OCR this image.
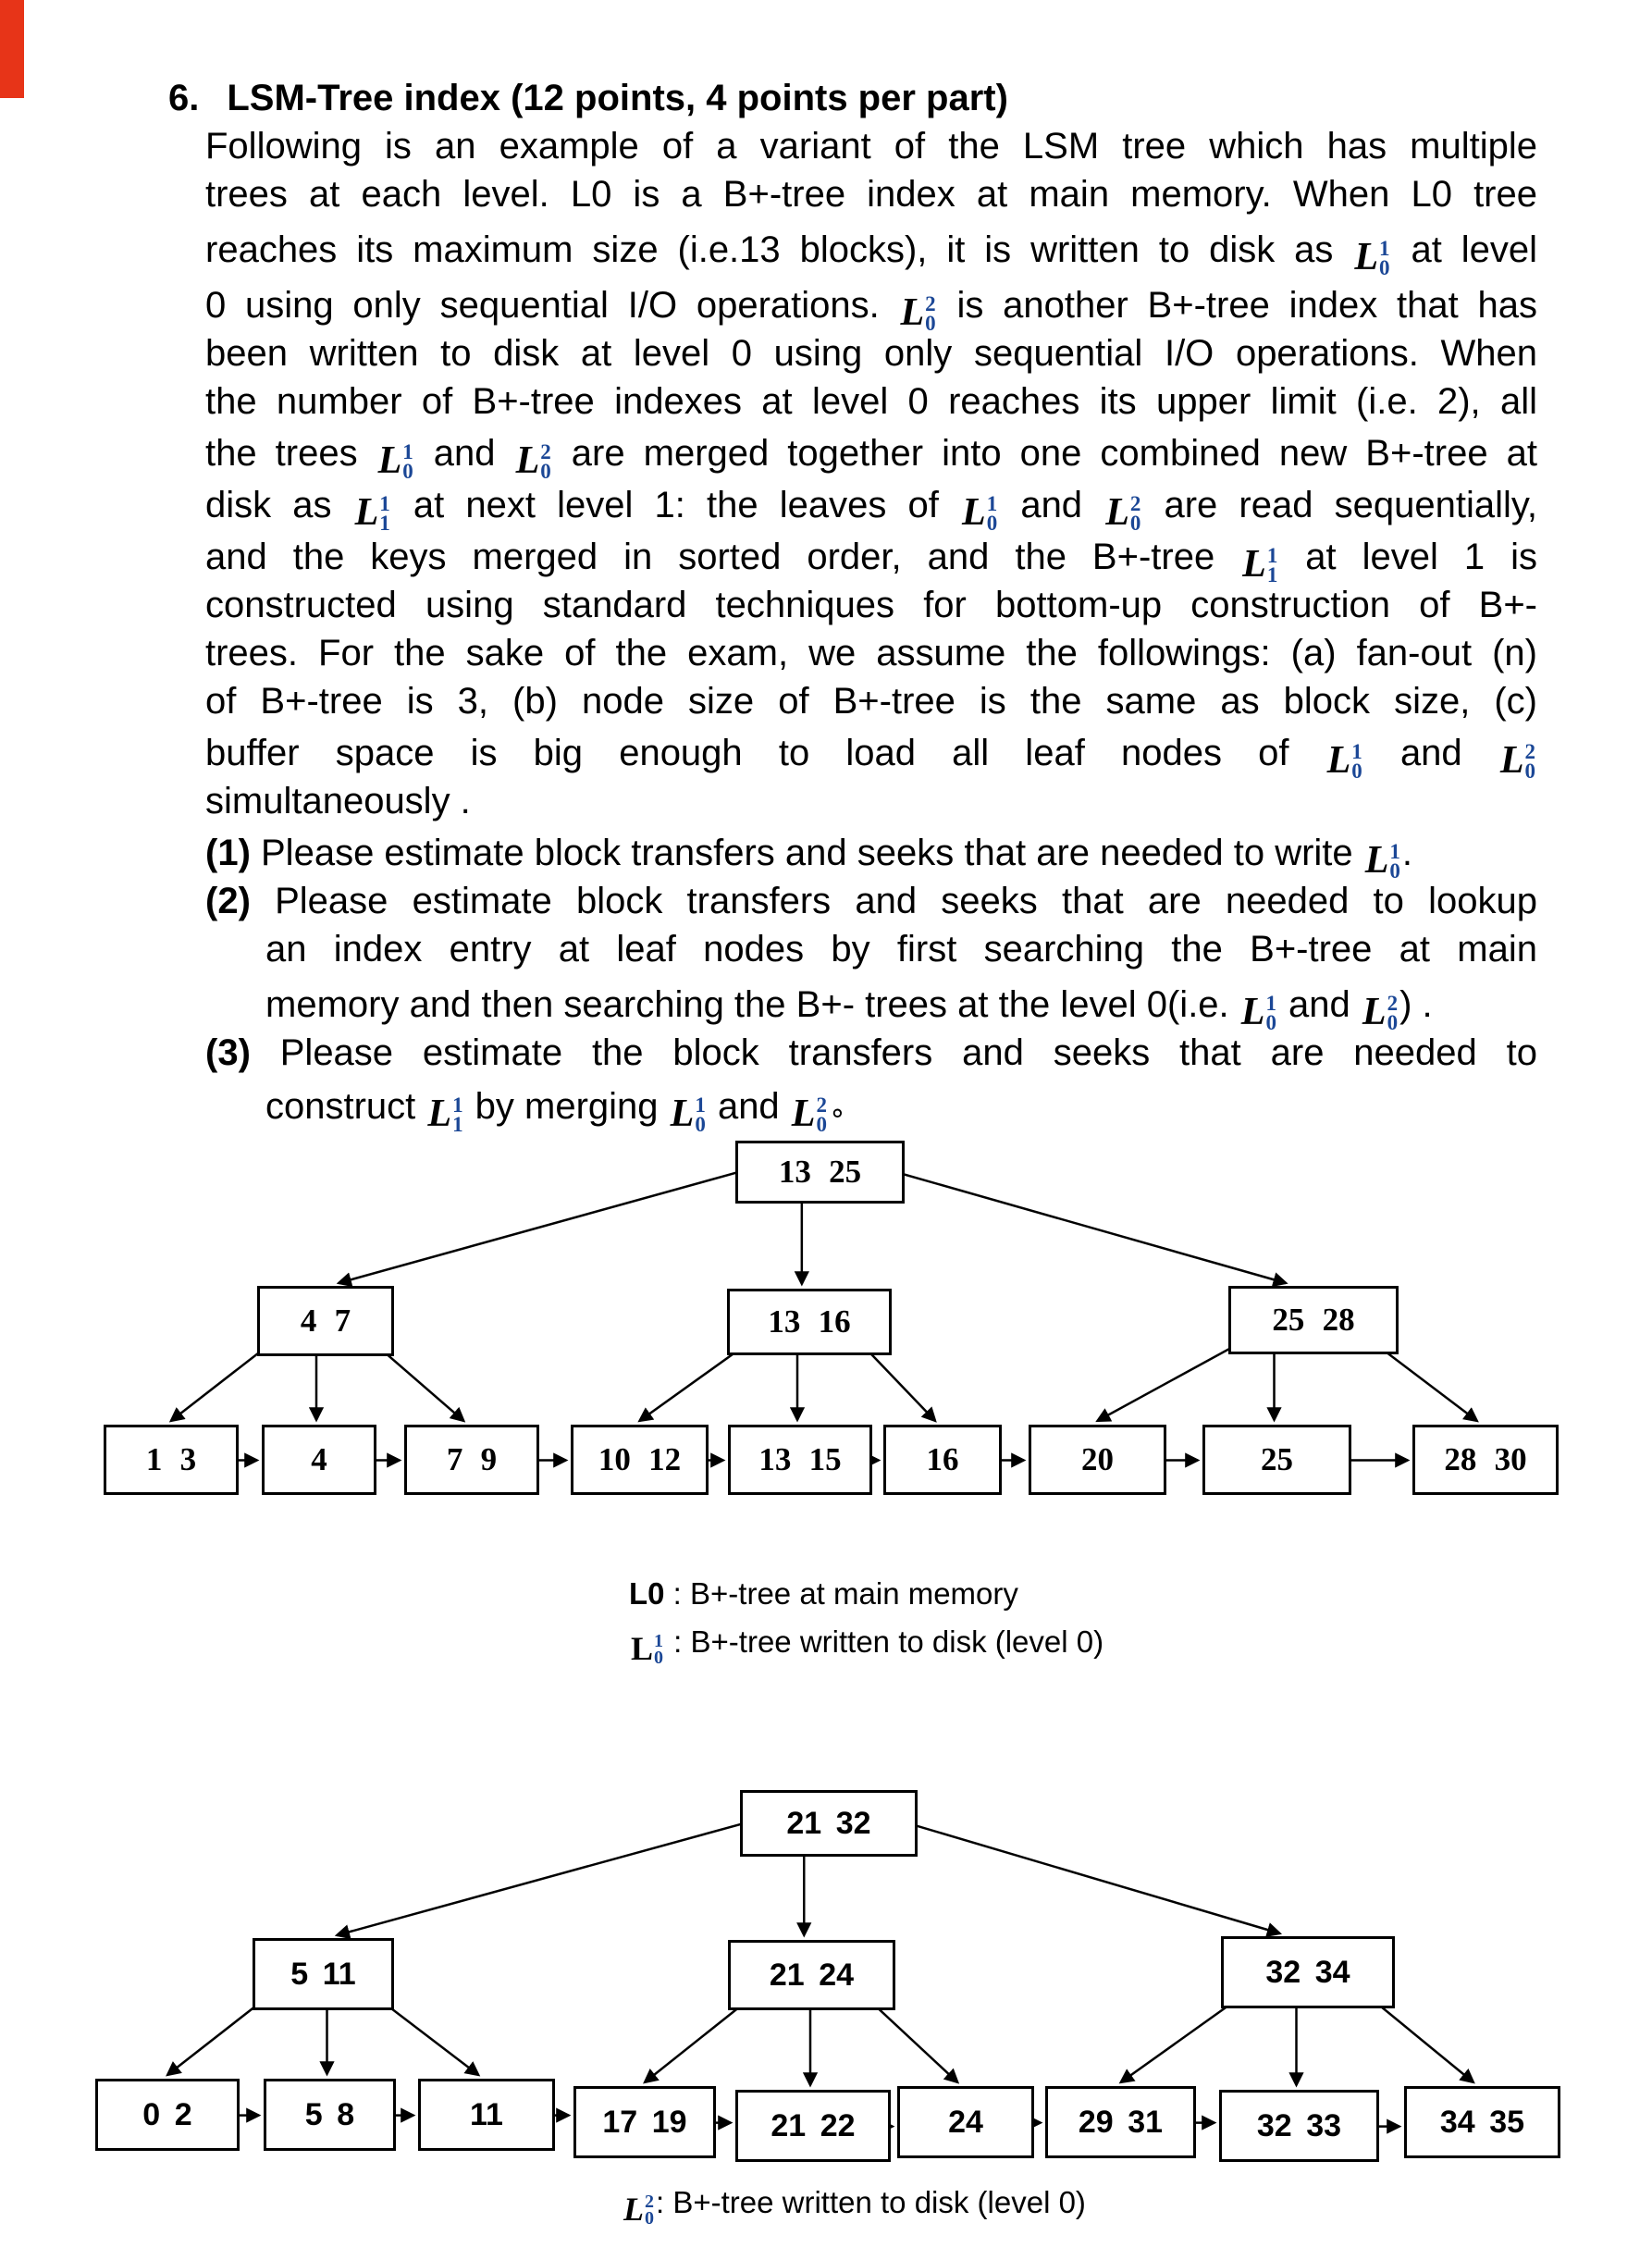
6. LSM-Tree index (12 points, 4 points per part)
Following is an example of a variant of the LSM tree which has multiple
trees at each level. L0 is a B+-tree index at main memory. When L0 tree
reaches its maximum size (i.e.13 blocks), it is written to disk as L 1
0 at level
0 using only sequential I/O operations. L 2
0 is another B+-tree index that has
been written to disk at level 0 using only sequential I/O operations. When
the number of B+-tree indexes at level 0 reaches its upper limit (i.e. 2), all
the trees L 1
0 and L 2
0 are merged together into one combined new B+-tree at
disk as L 1
1 at next level 1: the leaves of L 1
0 and L 2
0 are read sequentially,
and the keys merged in sorted order, and the B+-tree L 1
1 at level 1 is
constructed using standard techniques for bottom-up construction of B+-
trees. For the sake of the exam, we assume the followings: (a) fan-out (n)
of B+-tree is 3, (b) node size of B+-tree is the same as block size, (c)
buffer space is big enough to load all leaf nodes of L 1
0 and L 2
0
simultaneously .
(1) Please estimate block transfers and seeks that are needed to write L 1
0 .
(2) Please estimate block transfers and seeks that are needed to lookup
an index entry at leaf nodes by first searching the B+-tree at main
memory and then searching the B+- trees at the level 0(i.e. L 1
0 and L 2
0 ) .
(3) Please estimate the block transfers and seeks that are needed to
construct L 1
1 by merging L 1
0 and L 2
0 ∘
13 25
4 7	13 16	25 28
1 3	4	7 9	10 12	13 15	16	20	25	28 30
L0 : B+-tree at main memory
L 1
0 : B+-tree written to disk (level 0)
21 32
5 11	21 24	32 34
0 2	5 8	11	17 19	21 22	24	29 31	32 33	34 35
L 2
0 : B+-tree written to disk (level 0)
